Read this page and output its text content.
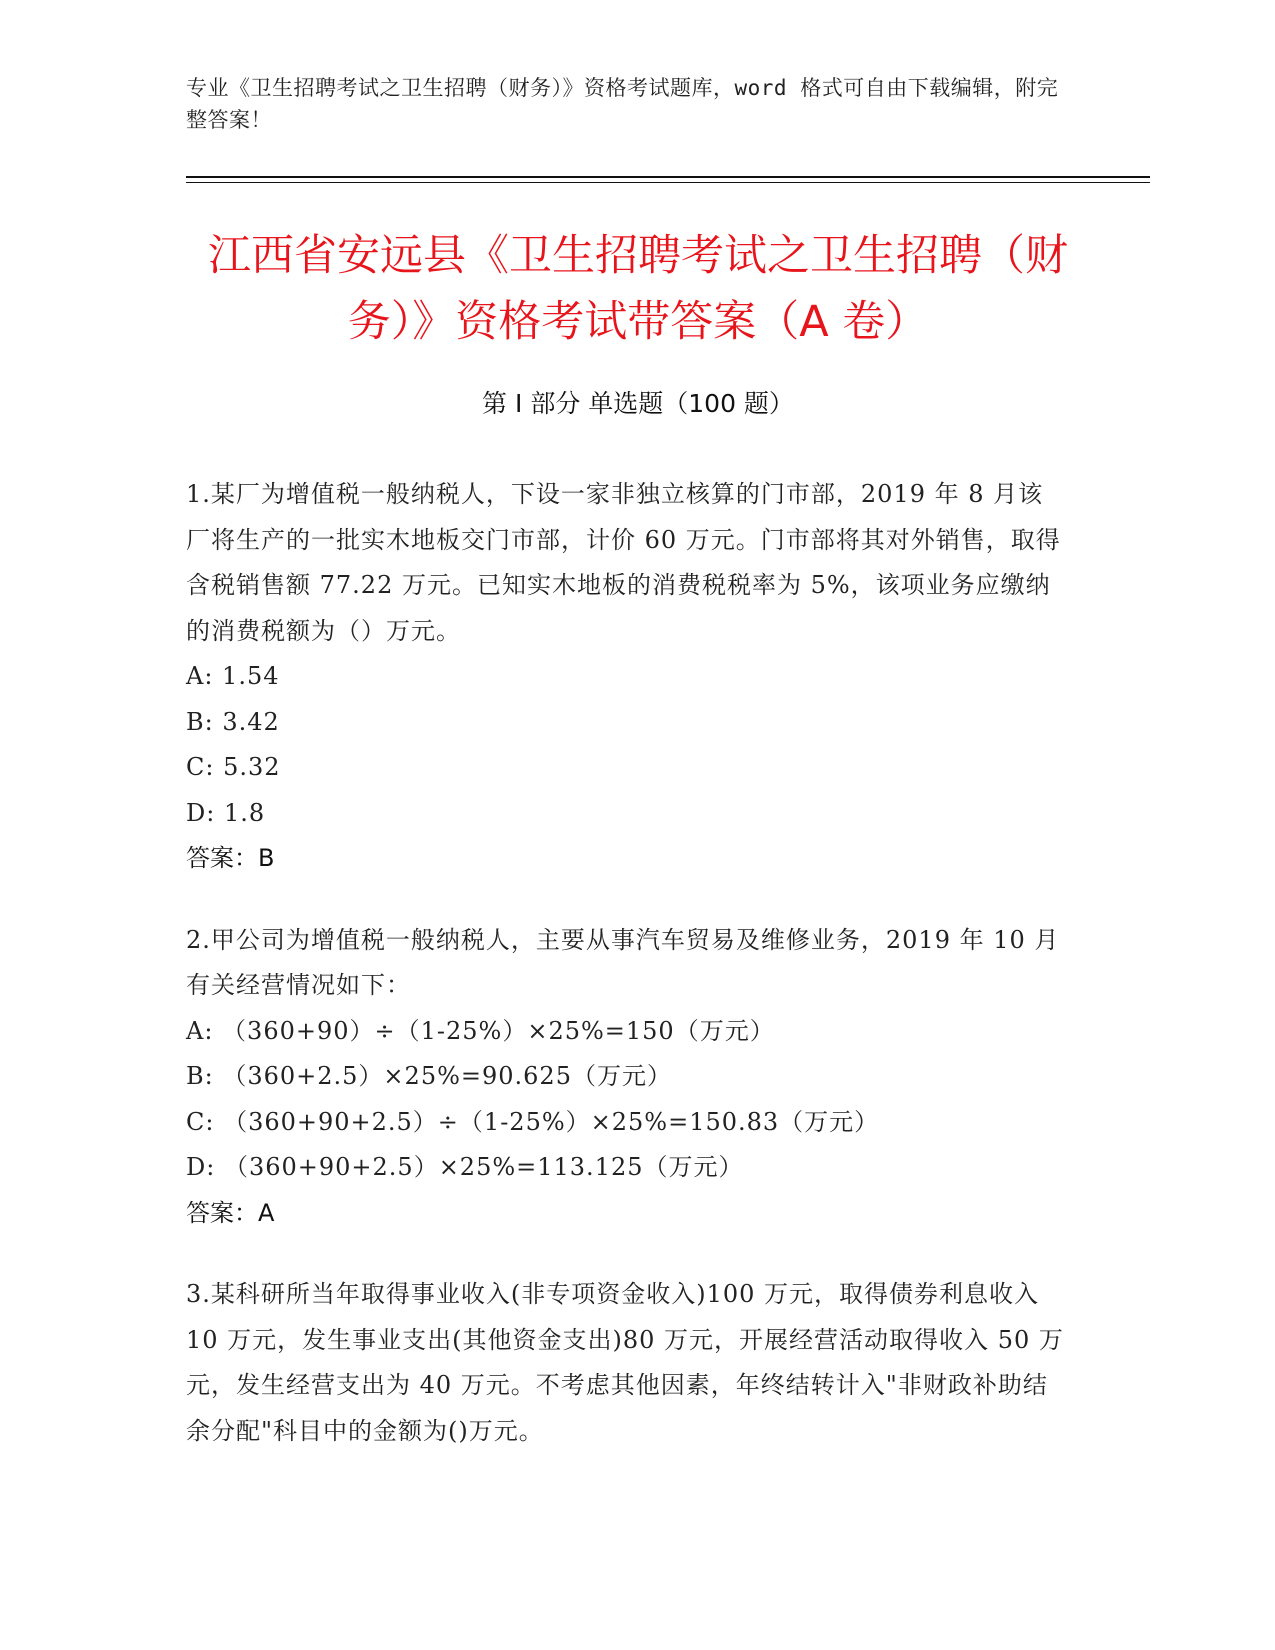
专业《卫生招聘考试之卫生招聘（财务）》资格考试题库，word 格式可自由下载编辑，附完整答案！
江西省安远县《卫生招聘考试之卫生招聘（财务）》资格考试带答案（A 卷）
第 I 部分 单选题（100 题）

1.某厂为增值税一般纳税人，下设一家非独立核算的门市部，2019 年 8 月该厂将生产的一批实木地板交门市部，计价 60 万元。门市部将其对外销售，取得含税销售额 77.22 万元。已知实木地板的消费税税率为 5%，该项业务应缴纳的消费税额为（）万元。

A: 1.54

B: 3.42

C: 5.32

D: 1.8

答案：B

2.甲公司为增值税一般纳税人，主要从事汽车贸易及维修业务，2019 年 10 月有关经营情况如下：

A: （360+90）÷（1-25%）×25%=150（万元）

B: （360+2.5）×25%=90.625（万元）

C: （360+90+2.5）÷（1-25%）×25%=150.83（万元）

D: （360+90+2.5）×25%=113.125（万元）

答案：A

3.某科研所当年取得事业收入(非专项资金收入)100 万元，取得债券利息收入 10 万元，发生事业支出(其他资金支出)80 万元，开展经营活动取得收入 50 万元，发生经营支出为 40 万元。不考虑其他因素，年终结转计入"非财政补助结余分配"科目中的金额为()万元。
